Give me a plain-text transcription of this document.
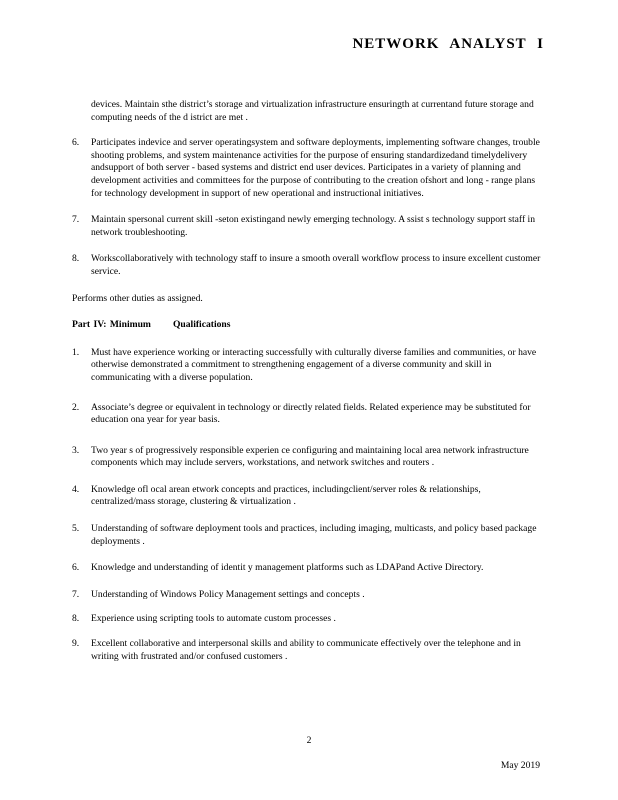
NETWORK ANALYST I

devices. Maintain sthe district’s storage and virtualization infrastructure ensuringth at currentand future storage and computing needs of the d istrict are met .

6. Participates indevice and server operatingsystem and software deployments, implementing software changes, trouble shooting problems, and system maintenance activities for the purpose of ensuring standardizedand timelydelivery andsupport of both server - based systems and district end user devices. Participates in a variety of planning and development activities and committees for the purpose of contributing to the creation ofshort and long - range plans for technology development in support of new operational and instructional initiatives.
7. Maintain spersonal current skill -seton existingand newly emerging technology. A ssist s technology support staff in network troubleshooting.
8. Workscollaboratively with technology staff to insure a smooth overall workflow process to insure excellent customer service.

Performs other duties as assigned.

Part IV: Minimum Qualifications

1. Must have experience working or interacting successfully with culturally diverse families and communities, or have otherwise demonstrated a commitment to strengthening engagement of a diverse community and skill in communicating with a diverse population.
2. Associate’s degree or equivalent in technology or directly related fields. Related experience may be substituted for education ona year for year basis.
3. Two year s of progressively responsible experien ce configuring and maintaining local area network infrastructure components which may include servers, workstations, and network switches and routers .
4. Knowledge ofl ocal arean etwork concepts and practices, includingclient/server roles & relationships, centralized/mass storage, clustering & virtualization .
5. Understanding of software deployment tools and practices, including imaging, multicasts, and policy based package deployments .
6. Knowledge and understanding of identit y management platforms such as LDAPand Active Directory.
7. Understanding of Windows Policy Management settings and concepts .
8. Experience using scripting tools to automate custom processes .
9. Excellent collaborative and interpersonal skills and ability to communicate effectively over the telephone and in writing with frustrated and/or confused customers .
2
May 2019
